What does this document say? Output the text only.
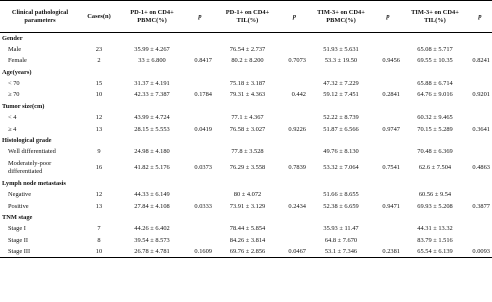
Clinical pathological parameters	Cases(n)	PD-1+ on CD4+ PBMC(%)	p	PD-1+ on CD4+ TIL(%)	p	TIM-3+ on CD4+ PBMC(%)	p	TIM-3+ on CD4+ TIL(%)	p
Gender									
Male	23	35.99 ± 4.267		76.54 ± 2.737		51.93 ± 5.631		65.08 ± 5.717	
Female	2	33 ± 6.800	0.8417	80.2 ± 8.200	0.7073	53.3 ± 19.50	0.9456	69.55 ± 10.35	0.8241
Age(years)									
< 70	15	31.37 ± 4.191		75.18 ± 3.187		47.32 ± 7.229		65.88 ± 6.714	
≥ 70	10	42.33 ± 7.387	0.1784	79.31 ± 4.363	0.442	59.12 ± 7.451	0.2841	64.76 ± 9.016	0.9201
Tumor size(cm)									
< 4	12	43.99 ± 4.724		77.1 ± 4.367		52.22 ± 8.739		60.32 ± 9.465	
≥ 4	13	28.15 ± 5.553	0.0419	76.58 ± 3.027	0.9226	51.87 ± 6.566	0.9747	70.15 ± 5.289	0.3641
Histological grade									
Well differentiated	9	24.98 ± 4.180		77.8 ± 3.528		49.76 ± 8.130		70.48 ± 6.369	
Moderately-poor differentiated	16	41.82 ± 5.176	0.0373	76.29 ± 3.558	0.7839	53.32 ± 7.064	0.7541	62.6 ± 7.504	0.4863
Lymph node metastasis									
Negative	12	44.33 ± 6.149		80 ± 4.072		51.66 ± 8.655		60.56 ± 9.54	
Positive	13	27.84 ± 4.108	0.0333	73.91 ± 3.129	0.2434	52.38 ± 6.659	0.9471	69.93 ± 5.208	0.3877
TNM stage									
Stage I	7	44.26 ± 6.402		78.44 ± 5.854		35.93 ± 11.47		44.31 ± 13.32	
Stage II	8	39.54 ± 8.573		84.26 ± 3.814		64.8 ± 7.670		83.79 ± 1.516	
Stage III	10	26.78 ± 4.781	0.1609	69.76 ± 2.856	0.0467	53.1 ± 7.346	0.2381	65.54 ± 6.139	0.0093
